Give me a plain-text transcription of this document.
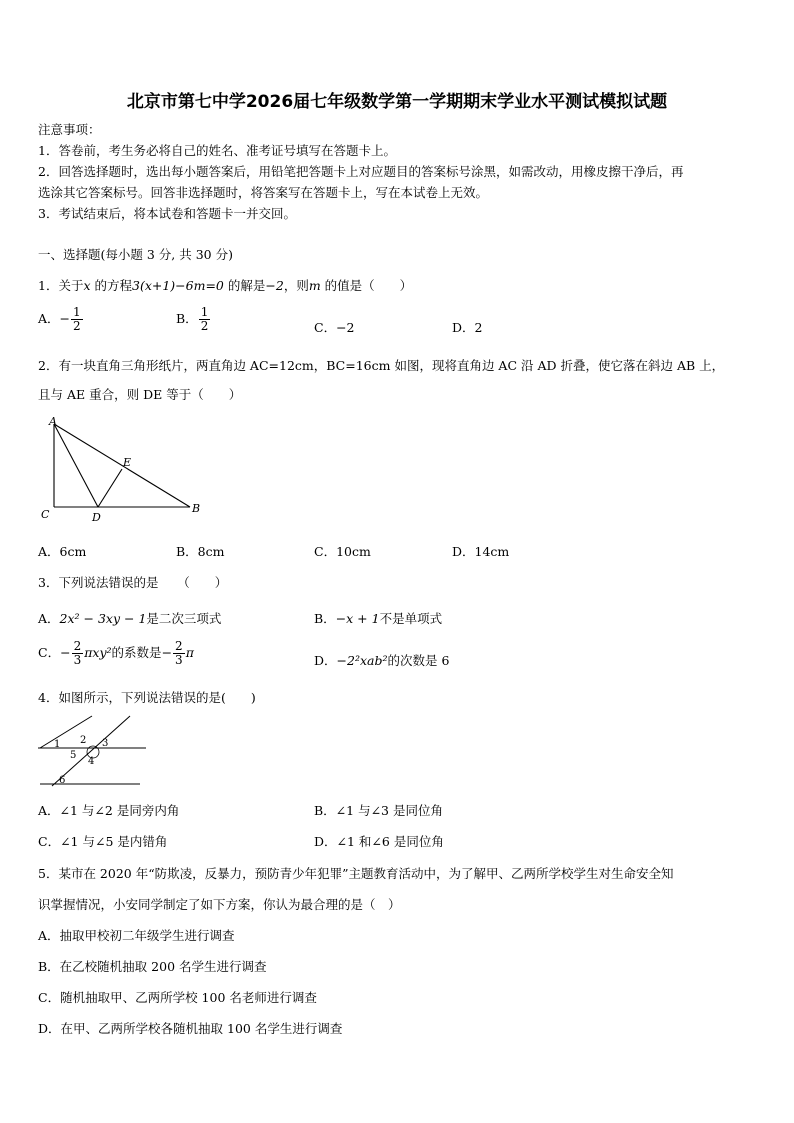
北京市第七中学2026届七年级数学第一学期期末学业水平测试模拟试题
注意事项：
1．答卷前，考生务必将自己的姓名、准考证号填写在答题卡上。
2．回答选择题时，选出每小题答案后，用铅笔把答题卡上对应题目的答案标号涂黑，如需改动，用橡皮擦干净后，再
选涂其它答案标号。回答非选择题时，将答案写在答题卡上，写在本试卷上无效。
3．考试结束后，将本试卷和答题卡一并交回。
一、选择题(每小题 3 分, 共 30 分)
1．关于x 的方程3(x+1)−6m=0 的解是−2，则m 的值是（　　）
A．− $\frac{1}{2}$	B． $\frac{1}{2}$	C．−2	D．2
2．有一块直角三角形纸片，两直角边 AC=12cm，BC=16cm 如图，现将直角边 AC 沿 AD 折叠，使它落在斜边 AB 上，
且与 AE 重合，则 DE 等于（　　）
A
B
C	D
E
A．6cm	B．8cm	C．10cm	D．14cm
3．下列说法错误的是　　（　　）
A．2x² − 3xy − 1是二次三项式	B．−x + 1不是单项式
C．− $\frac{2}{3} \pi xy^2$的系数是− $\frac{2}{3}$ π
D．−2²xab²的次数是 6
4．如图所示，下列说法错误的是(　　)
1 2 3
4
5
6
A．∠1 与∠2 是同旁内角	B．∠1 与∠3 是同位角
C．∠1 与∠5 是内错角	D．∠1 和∠6 是同位角
5．某市在 2020 年“防欺凌，反暴力，预防青少年犯罪”主题教育活动中，为了解甲、乙两所学校学生对生命安全知
识掌握情况，小安同学制定了如下方案，你认为最合理的是（　）
A．抽取甲校初二年级学生进行调查
B．在乙校随机抽取 200 名学生进行调查
C．随机抽取甲、乙两所学校 100 名老师进行调查
D．在甲、乙两所学校各随机抽取 100 名学生进行调查
